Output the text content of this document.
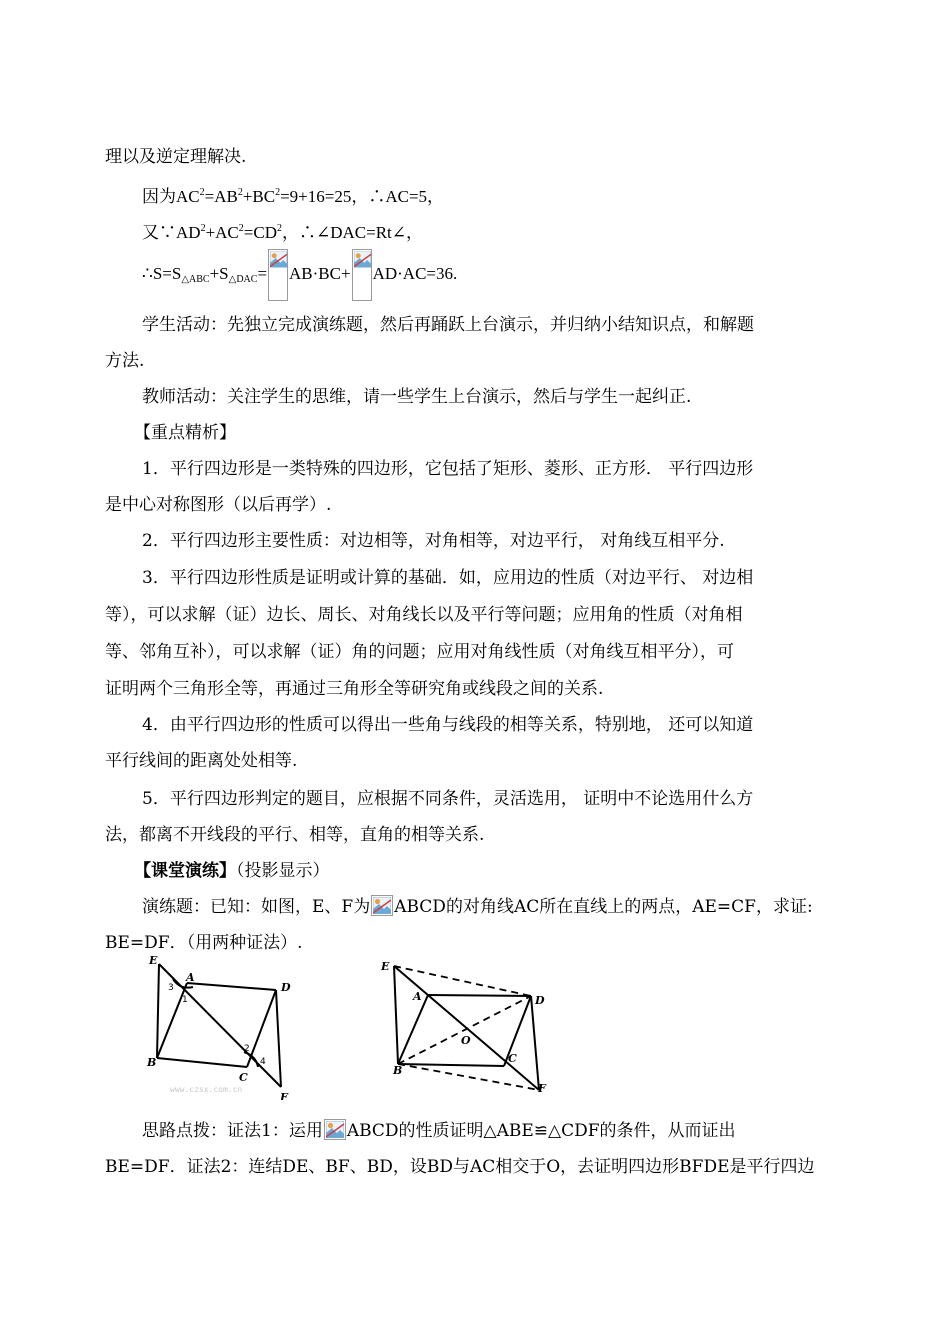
理以及逆定理解决.
因为$AC^2=AB^2+BC^2=9+16=25$，∴AC=5，
又$\because AD^2+AC^2=CD^2$，∴∠DAC=Rt∠，
$\therefore S=S_{\triangle ABC}+S_{\triangle DAC}= AB\cdot BC+ AD\cdot AC=36$.
学生活动：先独立完成演练题，然后再踊跃上台演示，并归纳小结知识点，和解题
方法.
教师活动：关注学生的思维，请一些学生上台演示，然后与学生一起纠正.
【重点精析】
1．平行四边形是一类特殊的四边形，它包括了矩形、菱形、正方形． 平行四边形
是中心对称图形（以后再学）.
2．平行四边形主要性质：对边相等，对角相等，对边平行， 对角线互相平分.
3．平行四边形性质是证明或计算的基础．如，应用边的性质（对边平行、 对边相
等），可以求解（证）边长、周长、对角线长以及平行等问题；应用角的性质（对角相
等、邻角互补），可以求解（证）角的问题；应用对角线性质（对角线互相平分），可
证明两个三角形全等，再通过三角形全等研究角或线段之间的关系.
4．由平行四边形的性质可以得出一些角与线段的相等关系，特别地， 还可以知道
平行线间的距离处处相等.
5．平行四边形判定的题目，应根据不同条件，灵活选用， 证明中不论选用什么方
法，都离不开线段的平行、相等，直角的相等关系.
【课堂演练】（投影显示）
演练题：已知：如图，E、F为 ABCD的对角线AC所在直线上的两点，AE=CF，求证:
BE=DF．（用两种证法）.
E
A
D
B
C
F
3
1
2
4
www.czsx.com.cn
E
A	D
O
B
C
F
思路点拨：证法1：运用 ABCD的性质证明△ABE≌△CDF的条件，从而证出
BE=DF．证法2：连结DE、BF、BD，设BD与AC相交于O，去证明四边形BFDE是平行四边
